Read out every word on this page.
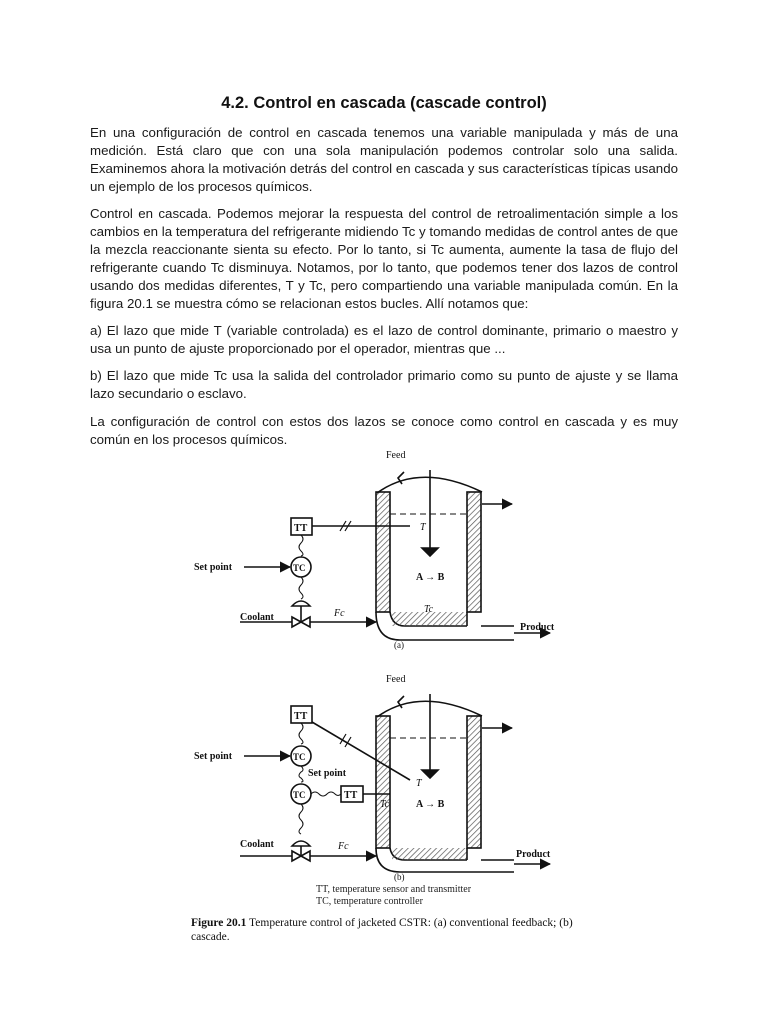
4.2. Control en cascada (cascade control)

En una configuración de control en cascada tenemos una variable manipulada y más de una medición. Está claro que con una sola manipulación podemos controlar solo una salida. Examinemos ahora la motivación detrás del control en cascada y sus características típicas usando un ejemplo de los procesos químicos.

Control en cascada. Podemos mejorar la respuesta del control de retroalimentación simple a los cambios en la temperatura del refrigerante midiendo Tc y tomando medidas de control antes de que la mezcla reaccionante sienta su efecto. Por lo tanto, si Tc aumenta, aumente la tasa de flujo del refrigerante cuando Tc disminuya. Notamos, por lo tanto, que podemos tener dos lazos de control usando dos medidas diferentes, T y Tc, pero compartiendo una variable manipulada común. En la figura 20.1 se muestra cómo se relacionan estos bucles. Allí notamos que:

a) El lazo que mide T (variable controlada) es el lazo de control dominante, primario o maestro y usa un punto de ajuste proporcionado por el operador, mientras que ...

b) El lazo que mide Tc usa la salida del controlador primario como su punto de ajuste y se llama lazo secundario o esclavo.

La configuración de control con estos dos lazos se conoce como control en cascada y es muy común en los procesos químicos.

Feed
A → B
Product
T
TT
TC
Set point
Coolant	Fc	Tc
(a)
Feed
A → B
Product
T
TT
TC
Set point
Set point
TC	TT
Tc
Coolant	Fc
(b)
TT, temperature sensor and transmitter
TC, temperature controller

Figure 20.1 Temperature control of jacketed CSTR: (a) conventional feedback; (b) cascade.
